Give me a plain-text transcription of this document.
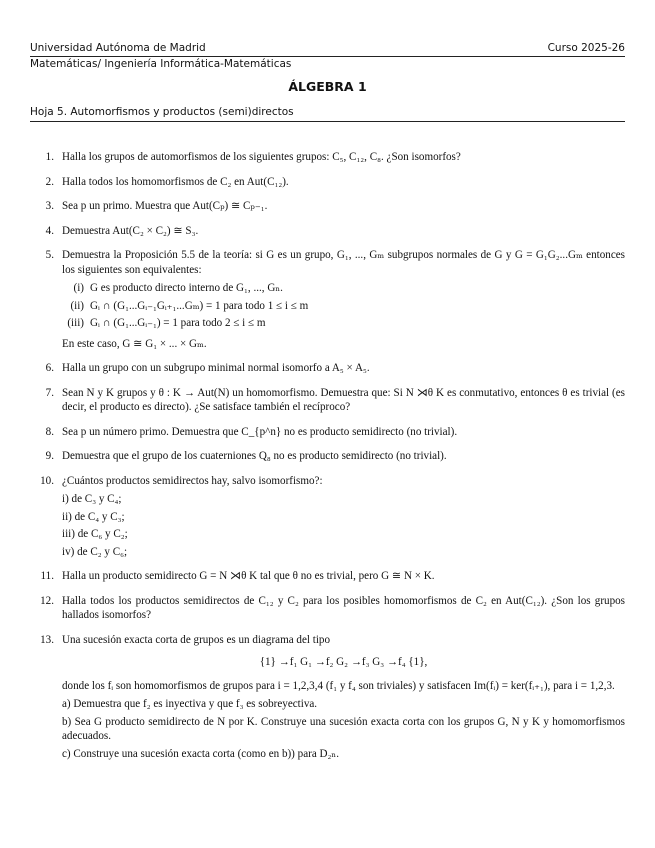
Universidad Autónoma de Madrid	Curso 2025-26
Matemáticas/ Ingeniería Informática-Matemáticas
ÁLGEBRA 1
Hoja 5. Automorfismos y productos (semi)directos
1. Halla los grupos de automorfismos de los siguientes grupos: C₅, C₁₂, C₈. ¿Son isomorfos?
2. Halla todos los homomorfismos de C₂ en Aut(C₁₂).
3. Sea p un primo. Muestra que Aut(Cₚ) ≅ Cₚ₋₁.
4. Demuestra Aut(C₂ × C₂) ≅ S₃.
5. Demuestra la Proposición 5.5 de la teoría: si G es un grupo, G₁, ..., Gₘ subgrupos normales de G y G = G₁G₂...Gₘ entonces los siguientes son equivalentes:
(i) G es producto directo interno de G₁, ..., Gₙ.
(ii) Gᵢ ∩ (G₁...Gᵢ₋₁Gᵢ₊₁...Gₘ) = 1 para todo 1 ≤ i ≤ m
(iii) Gᵢ ∩ (G₁...Gᵢ₋₁) = 1 para todo 2 ≤ i ≤ m
En este caso, G ≅ G₁ × ... × Gₘ.
6. Halla un grupo con un subgrupo minimal normal isomorfo a A₅ × A₅.
7. Sean N y K grupos y θ : K → Aut(N) un homomorfismo. Demuestra que: Si N ⋊θ K es conmutativo, entonces θ es trivial (es decir, el producto es directo). ¿Se satisface también el recíproco?
8. Sea p un número primo. Demuestra que C_{p^n} no es producto semidirecto (no trivial).
9. Demuestra que el grupo de los cuaterniones Q₈ no es producto semidirecto (no trivial).
10. ¿Cuántos productos semidirectos hay, salvo isomorfismo?:
i) de C₃ y C₄;
ii) de C₄ y C₃;
iii) de C₆ y C₂;
iv) de C₂ y C₆;
11. Halla un producto semidirecto G = N ⋊θ K tal que θ no es trivial, pero G ≅ N × K.
12. Halla todos los productos semidirectos de C₁₂ y C₂ para los posibles homomorfismos de C₂ en Aut(C₁₂). ¿Son los grupos hallados isomorfos?
13. Una sucesión exacta corta de grupos es un diagrama del tipo
{1} →f₁ G₁ →f₂ G₂ →f₃ G₃ →f₄ {1},
donde los fᵢ son homomorfismos de grupos para i = 1,2,3,4 (f₁ y f₄ son triviales) y satisfacen Im(fᵢ) = ker(fᵢ₊₁), para i = 1,2,3.
a) Demuestra que f₂ es inyectiva y que f₃ es sobreyectiva.
b) Sea G producto semidirecto de N por K. Construye una sucesión exacta corta con los grupos G, N y K y homomorfismos adecuados.
c) Construye una sucesión exacta corta (como en b)) para D₂ₙ.
